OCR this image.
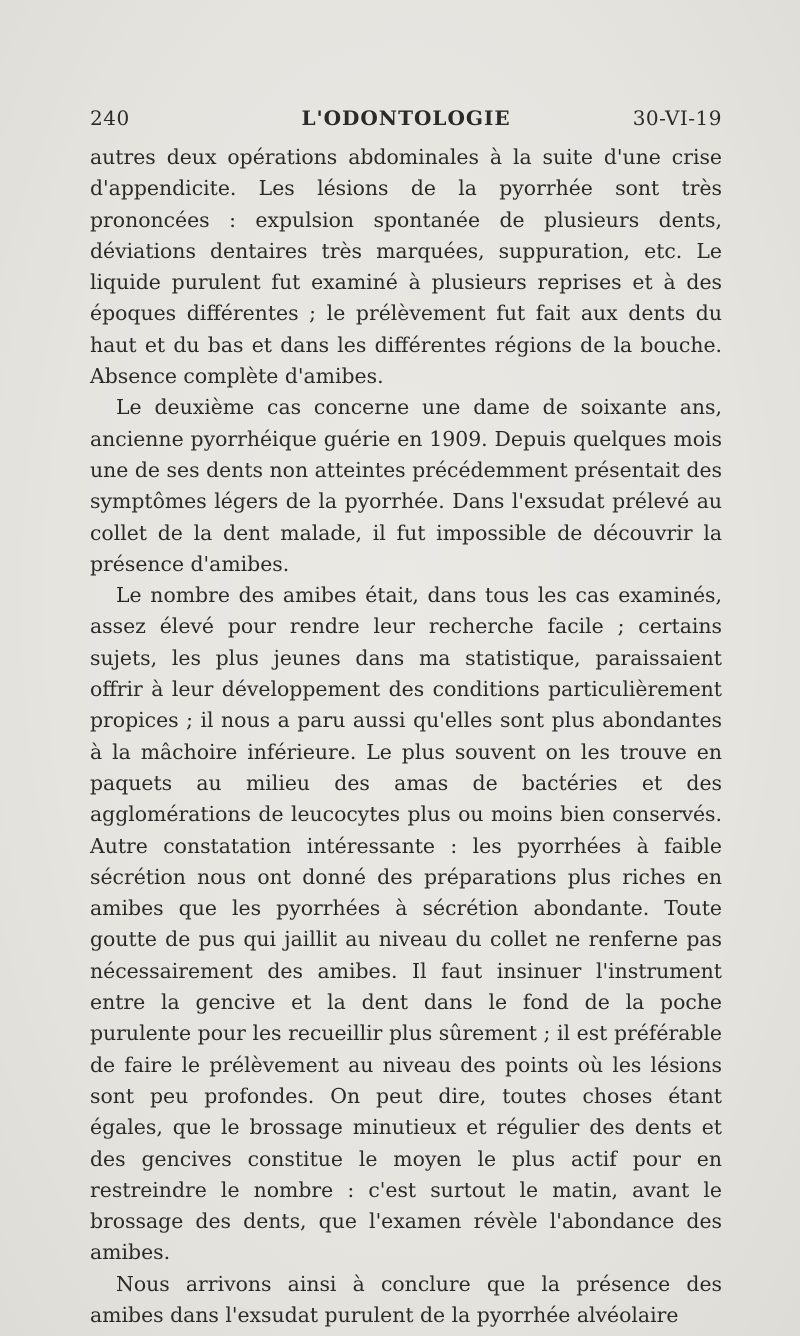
240	L'ODONTOLOGIE	30-VI-19

autres deux opérations abdominales à la suite d'une crise d'appendicite. Les lésions de la pyorrhée sont très prononcées : expulsion spontanée de plusieurs dents, déviations dentaires très marquées, suppuration, etc. Le liquide purulent fut examiné à plusieurs reprises et à des époques différentes ; le prélèvement fut fait aux dents du haut et du bas et dans les différentes régions de la bouche. Absence complète d'amibes.

Le deuxième cas concerne une dame de soixante ans, ancienne pyorrhéique guérie en 1909. Depuis quelques mois une de ses dents non atteintes précédemment présentait des symptômes légers de la pyorrhée. Dans l'exsudat prélevé au collet de la dent malade, il fut impossible de découvrir la présence d'amibes.

Le nombre des amibes était, dans tous les cas examinés, assez élevé pour rendre leur recherche facile ; certains sujets, les plus jeunes dans ma statistique, paraissaient offrir à leur développement des conditions particulièrement propices ; il nous a paru aussi qu'elles sont plus abondantes à la mâchoire inférieure. Le plus souvent on les trouve en paquets au milieu des amas de bactéries et des agglomérations de leucocytes plus ou moins bien conservés. Autre constatation intéressante : les pyorrhées à faible sécrétion nous ont donné des préparations plus riches en amibes que les pyorrhées à sécrétion abondante. Toute goutte de pus qui jaillit au niveau du collet ne renferne pas nécessairement des amibes. Il faut insinuer l'instrument entre la gencive et la dent dans le fond de la poche purulente pour les recueillir plus sûrement ; il est préférable de faire le prélèvement au niveau des points où les lésions sont peu profondes. On peut dire, toutes choses étant égales, que le brossage minutieux et régulier des dents et des gencives constitue le moyen le plus actif pour en restreindre le nombre : c'est surtout le matin, avant le brossage des dents, que l'examen révèle l'abondance des amibes.

Nous arrivons ainsi à conclure que la présence des amibes dans l'exsudat purulent de la pyorrhée alvéolaire
